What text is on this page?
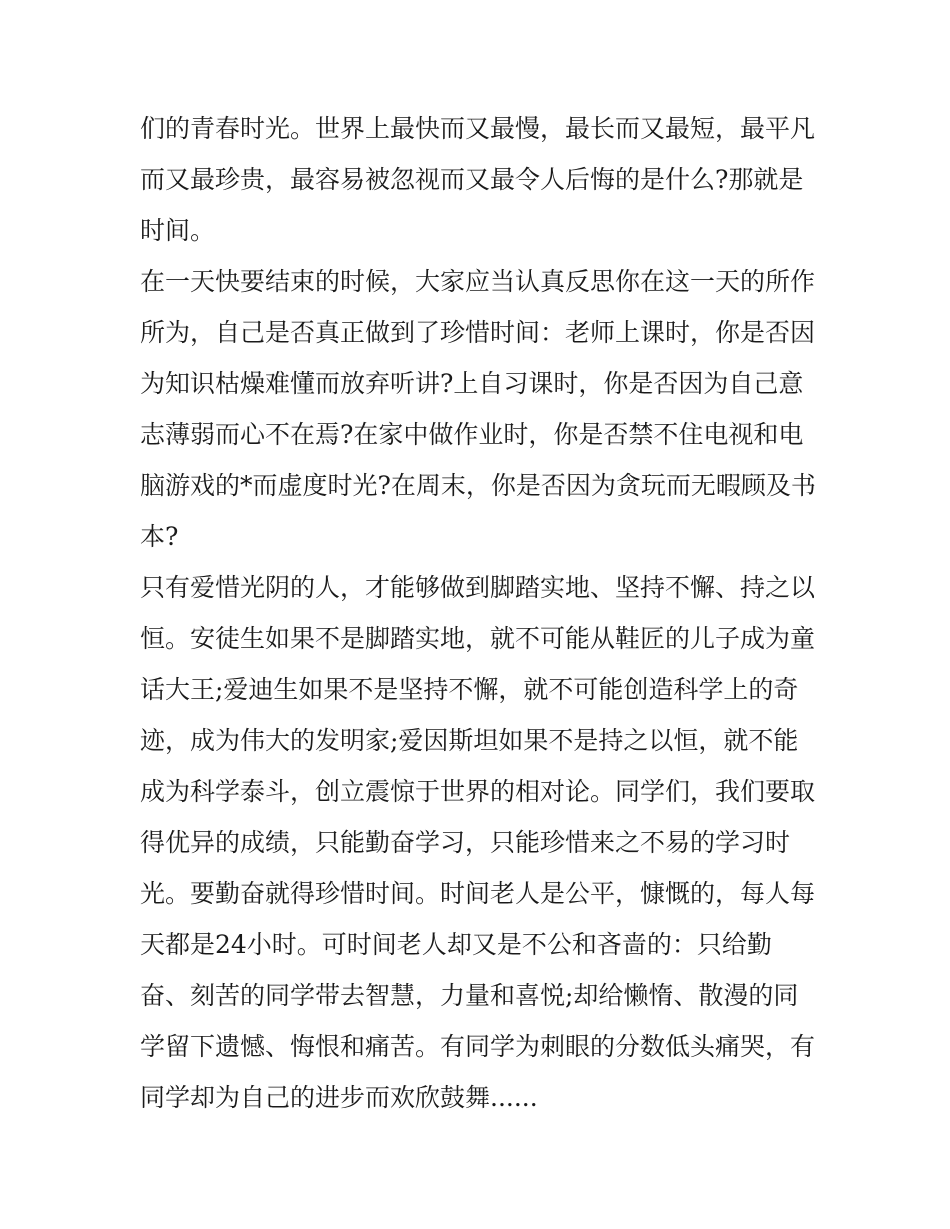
们的青春时光。世界上最快而又最慢，最长而又最短，最平凡
而又最珍贵，最容易被忽视而又最令人后悔的是什么?那就是
时间。
在一天快要结束的时候，大家应当认真反思你在这一天的所作
所为，自己是否真正做到了珍惜时间：老师上课时，你是否因
为知识枯燥难懂而放弃听讲?上自习课时，你是否因为自己意
志薄弱而心不在焉?在家中做作业时，你是否禁不住电视和电
脑游戏的*而虚度时光?在周末，你是否因为贪玩而无暇顾及书
本?
只有爱惜光阴的人，才能够做到脚踏实地、坚持不懈、持之以
恒。安徒生如果不是脚踏实地，就不可能从鞋匠的儿子成为童
话大王;爱迪生如果不是坚持不懈，就不可能创造科学上的奇
迹，成为伟大的发明家;爱因斯坦如果不是持之以恒，就不能
成为科学泰斗，创立震惊于世界的相对论。同学们，我们要取
得优异的成绩，只能勤奋学习，只能珍惜来之不易的学习时
光。要勤奋就得珍惜时间。时间老人是公平，慷慨的，每人每
天都是24小时。可时间老人却又是不公和吝啬的：只给勤
奋、刻苦的同学带去智慧，力量和喜悦;却给懒惰、散漫的同
学留下遗憾、悔恨和痛苦。有同学为刺眼的分数低头痛哭，有
同学却为自己的进步而欢欣鼓舞......
